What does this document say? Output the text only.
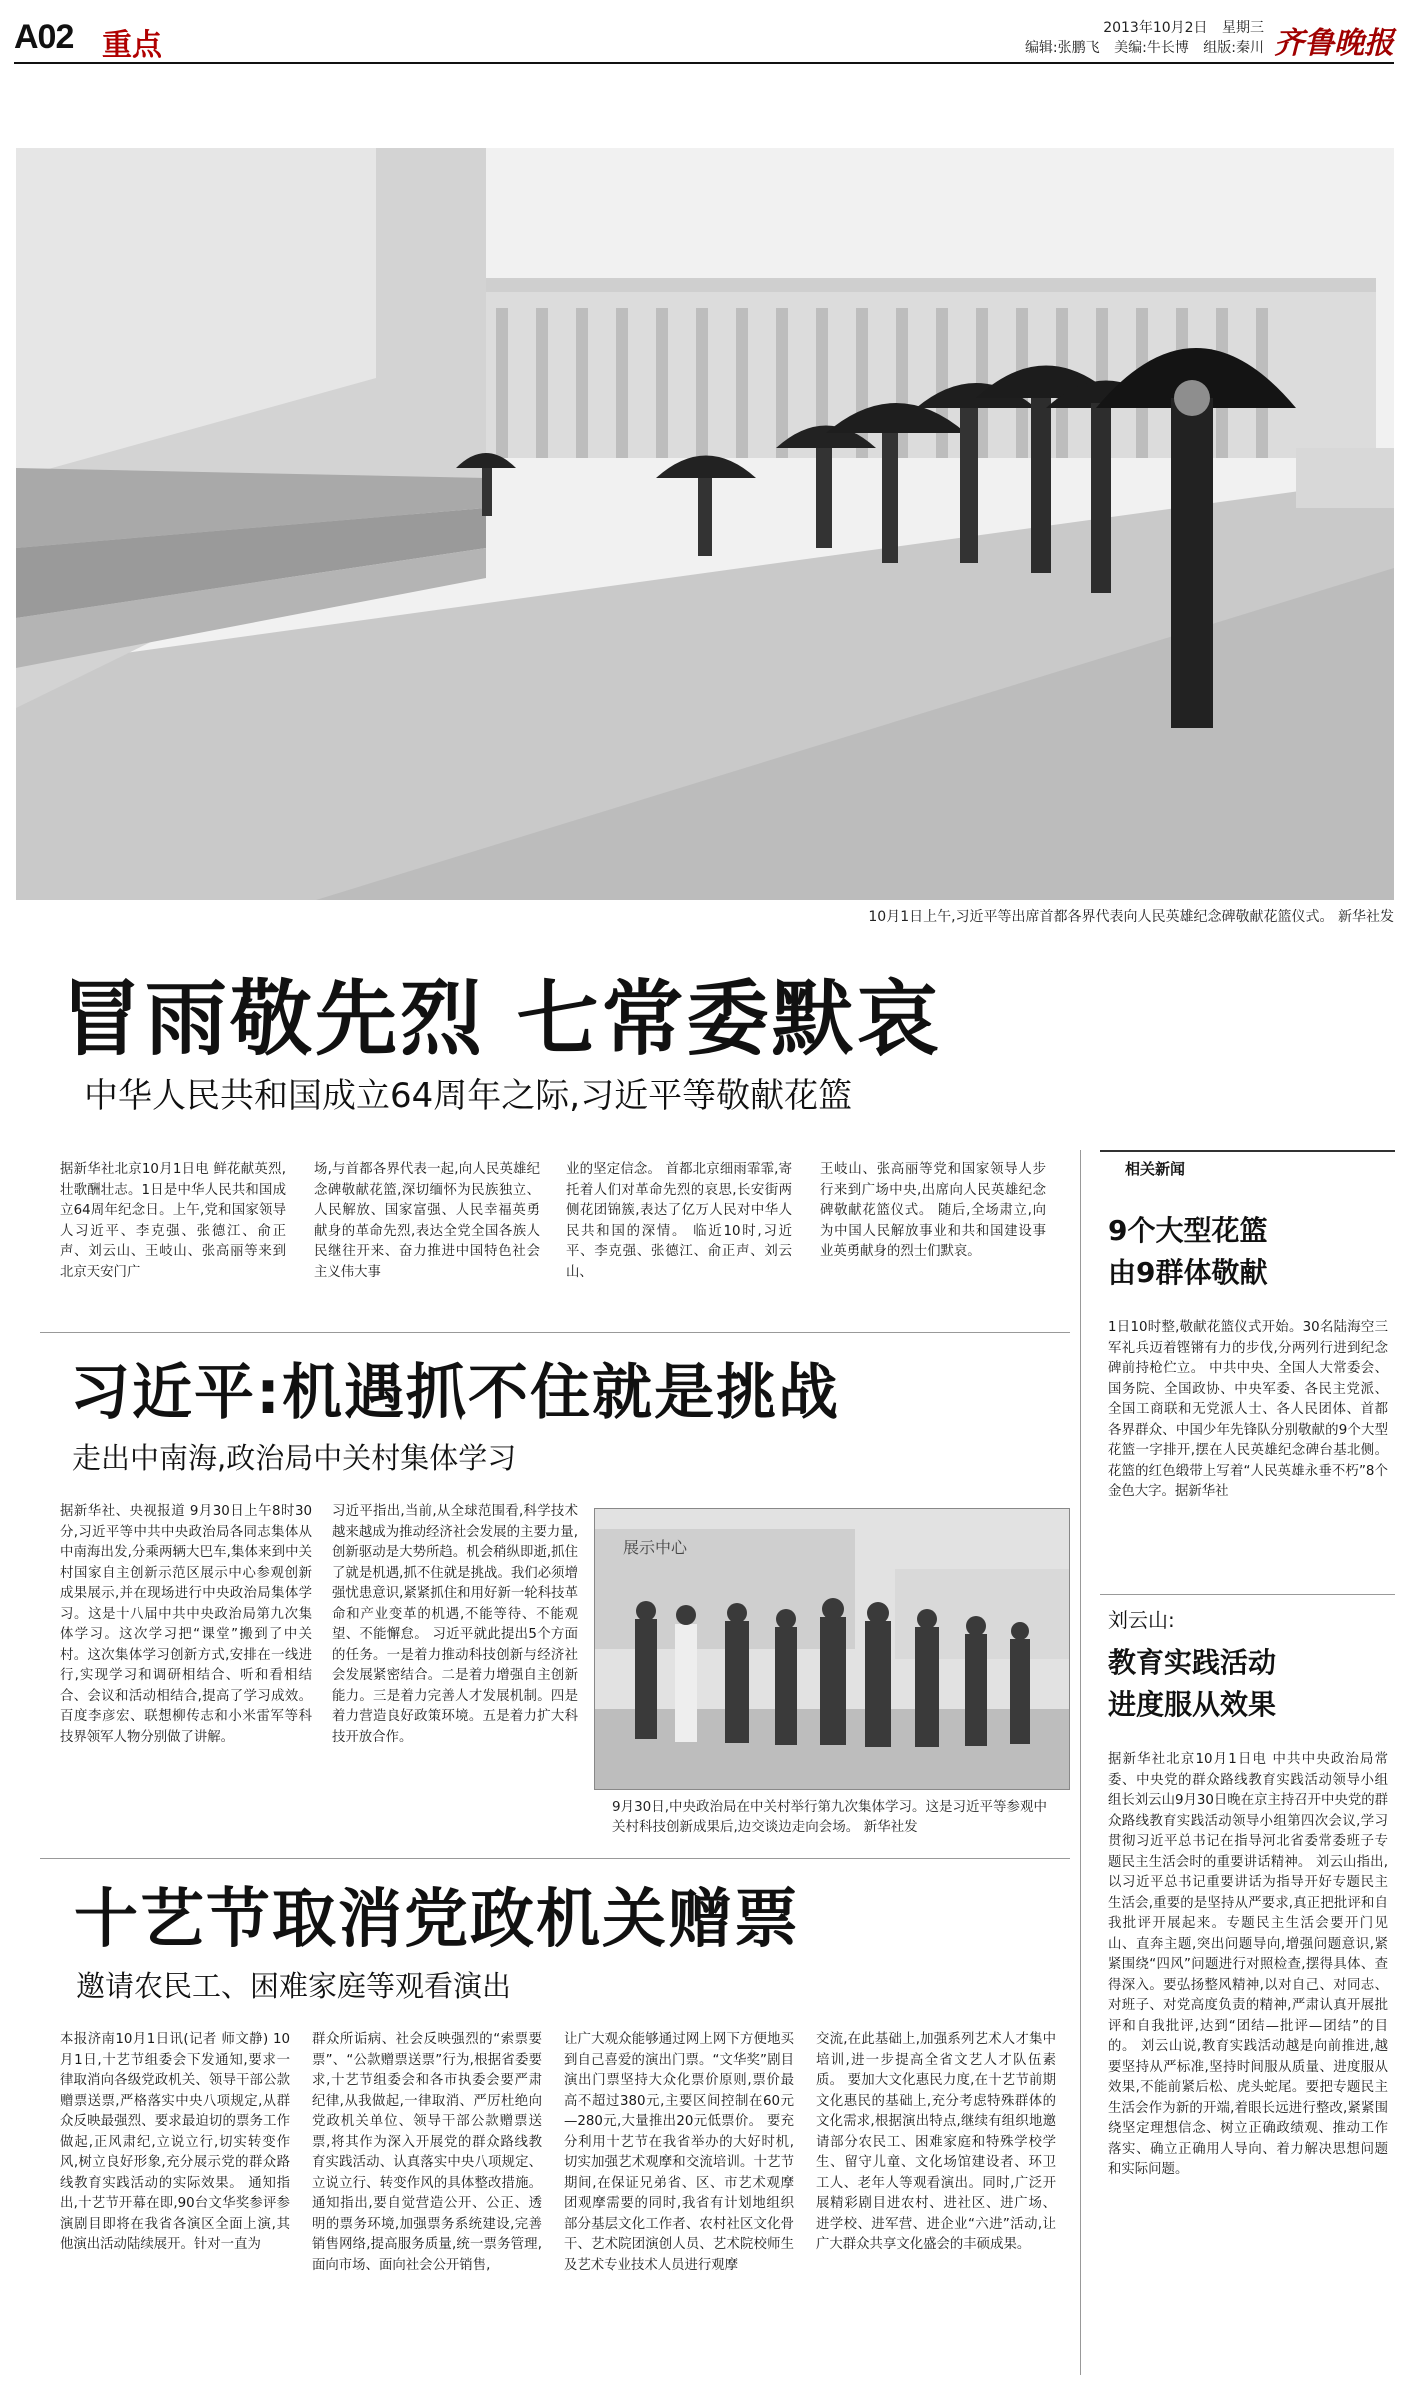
A02 重点	2013年10月2日 星期三
编辑:张鹏飞 美编:牛长博 组版:秦川 齐鲁晚报
10月1日上午,习近平等出席首都各界代表向人民英雄纪念碑敬献花篮仪式。 新华社发
冒雨敬先烈 七常委默哀
中华人民共和国成立64周年之际,习近平等敬献花篮
据新华社北京10月1日电 鲜花献英烈,壮歌酬壮志。1日是中华人民共和国成立64周年纪念日。上午,党和国家领导人习近平、李克强、张德江、俞正声、刘云山、王岐山、张高丽等来到北京天安门广
场,与首都各界代表一起,向人民英雄纪念碑敬献花篮,深切缅怀为民族独立、人民解放、国家富强、人民幸福英勇献身的革命先烈,表达全党全国各族人民继往开来、奋力推进中国特色社会主义伟大事
业的坚定信念。 首都北京细雨霏霏,寄托着人们对革命先烈的哀思,长安街两侧花团锦簇,表达了亿万人民对中华人民共和国的深情。 临近10时,习近平、李克强、张德江、俞正声、刘云山、
王岐山、张高丽等党和国家领导人步行来到广场中央,出席向人民英雄纪念碑敬献花篮仪式。 随后,全场肃立,向为中国人民解放事业和共和国建设事业英勇献身的烈士们默哀。
相关新闻
9个大型花篮
由9群体敬献
1日10时整,敬献花篮仪式开始。30名陆海空三军礼兵迈着铿锵有力的步伐,分两列行进到纪念碑前持枪伫立。 中共中央、全国人大常委会、国务院、全国政协、中央军委、各民主党派、全国工商联和无党派人士、各人民团体、首都各界群众、中国少年先锋队分别敬献的9个大型花篮一字排开,摆在人民英雄纪念碑台基北侧。花篮的红色缎带上写着“人民英雄永垂不朽”8个金色大字。据新华社
刘云山:
教育实践活动
进度服从效果
据新华社北京10月1日电 中共中央政治局常委、中央党的群众路线教育实践活动领导小组组长刘云山9月30日晚在京主持召开中央党的群众路线教育实践活动领导小组第四次会议,学习贯彻习近平总书记在指导河北省委常委班子专题民主生活会时的重要讲话精神。 刘云山指出,以习近平总书记重要讲话为指导开好专题民主生活会,重要的是坚持从严要求,真正把批评和自我批评开展起来。专题民主生活会要开门见山、直奔主题,突出问题导向,增强问题意识,紧紧围绕“四风”问题进行对照检查,摆得具体、查得深入。要弘扬整风精神,以对自己、对同志、对班子、对党高度负责的精神,严肃认真开展批评和自我批评,达到“团结—批评—团结”的目的。 刘云山说,教育实践活动越是向前推进,越要坚持从严标准,坚持时间服从质量、进度服从效果,不能前紧后松、虎头蛇尾。要把专题民主生活会作为新的开端,着眼长远进行整改,紧紧围绕坚定理想信念、树立正确政绩观、推动工作落实、确立正确用人导向、着力解决思想问题和实际问题。
习近平:机遇抓不住就是挑战
走出中南海,政治局中关村集体学习
据新华社、央视报道 9月30日上午8时30分,习近平等中共中央政治局各同志集体从中南海出发,分乘两辆大巴车,集体来到中关村国家自主创新示范区展示中心参观创新成果展示,并在现场进行中央政治局集体学习。这是十八届中共中央政治局第九次集体学习。这次学习把“课堂”搬到了中关村。这次集体学习创新方式,安排在一线进行,实现学习和调研相结合、听和看相结合、会议和活动相结合,提高了学习成效。百度李彦宏、联想柳传志和小米雷军等科技界领军人物分别做了讲解。
习近平指出,当前,从全球范围看,科学技术越来越成为推动经济社会发展的主要力量,创新驱动是大势所趋。机会稍纵即逝,抓住了就是机遇,抓不住就是挑战。我们必须增强忧患意识,紧紧抓住和用好新一轮科技革命和产业变革的机遇,不能等待、不能观望、不能懈怠。 习近平就此提出5个方面的任务。一是着力推动科技创新与经济社会发展紧密结合。二是着力增强自主创新能力。三是着力完善人才发展机制。四是着力营造良好政策环境。五是着力扩大科技开放合作。
展示中心
9月30日,中央政治局在中关村举行第九次集体学习。这是习近平等参观中关村科技创新成果后,边交谈边走向会场。 新华社发
十艺节取消党政机关赠票
邀请农民工、困难家庭等观看演出
本报济南10月1日讯(记者 师文静) 10月1日,十艺节组委会下发通知,要求一律取消向各级党政机关、领导干部公款赠票送票,严格落实中央八项规定,从群众反映最强烈、要求最迫切的票务工作做起,正风肃纪,立说立行,切实转变作风,树立良好形象,充分展示党的群众路线教育实践活动的实际效果。 通知指出,十艺节开幕在即,90台文华奖参评参演剧目即将在我省各演区全面上演,其他演出活动陆续展开。针对一直为
群众所诟病、社会反映强烈的“索票要票”、“公款赠票送票”行为,根据省委要求,十艺节组委会和各市执委会要严肃纪律,从我做起,一律取消、严厉杜绝向党政机关单位、领导干部公款赠票送票,将其作为深入开展党的群众路线教育实践活动、认真落实中央八项规定、立说立行、转变作风的具体整改措施。 通知指出,要自觉营造公开、公正、透明的票务环境,加强票务系统建设,完善销售网络,提高服务质量,统一票务管理,面向市场、面向社会公开销售,
让广大观众能够通过网上网下方便地买到自己喜爱的演出门票。“文华奖”剧目演出门票坚持大众化票价原则,票价最高不超过380元,主要区间控制在60元—280元,大量推出20元低票价。 要充分利用十艺节在我省举办的大好时机,切实加强艺术观摩和交流培训。十艺节期间,在保证兄弟省、区、市艺术观摩团观摩需要的同时,我省有计划地组织部分基层文化工作者、农村社区文化骨干、艺术院团演创人员、艺术院校师生及艺术专业技术人员进行观摩
交流,在此基础上,加强系列艺术人才集中培训,进一步提高全省文艺人才队伍素质。 要加大文化惠民力度,在十艺节前期文化惠民的基础上,充分考虑特殊群体的文化需求,根据演出特点,继续有组织地邀请部分农民工、困难家庭和特殊学校学生、留守儿童、文化场馆建设者、环卫工人、老年人等观看演出。同时,广泛开展精彩剧目进农村、进社区、进广场、进学校、进军营、进企业“六进”活动,让广大群众共享文化盛会的丰硕成果。
